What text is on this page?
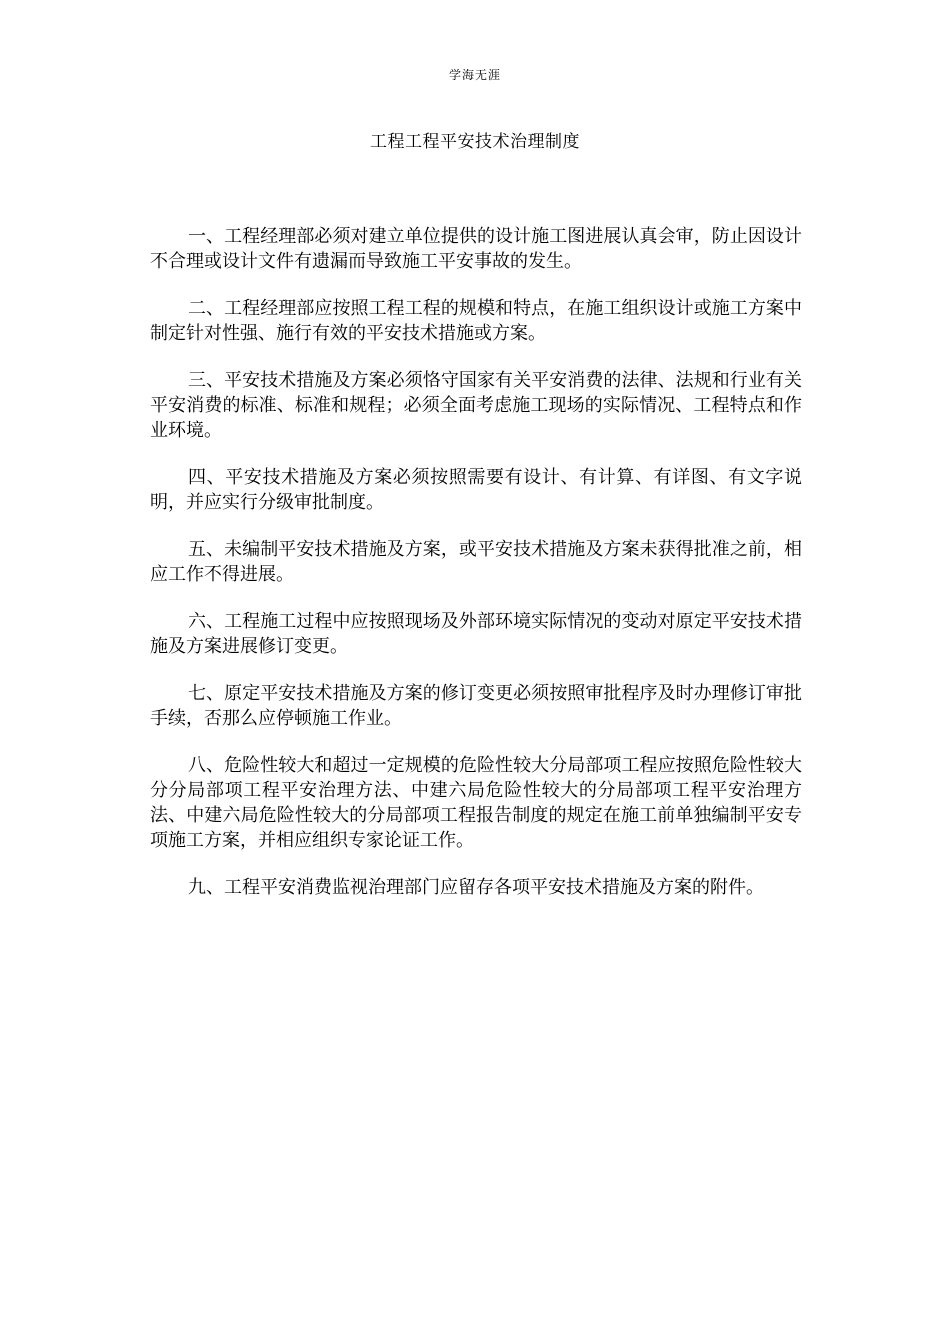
学海无涯
工程工程平安技术治理制度

一、工程经理部必须对建立单位提供的设计施工图进展认真会审，防止因设计不合理或设计文件有遗漏而导致施工平安事故的发生。

二、工程经理部应按照工程工程的规模和特点，在施工组织设计或施工方案中制定针对性强、施行有效的平安技术措施或方案。

三、平安技术措施及方案必须恪守国家有关平安消费的法律、法规和行业有关平安消费的标准、标准和规程；必须全面考虑施工现场的实际情况、工程特点和作业环境。

四、平安技术措施及方案必须按照需要有设计、有计算、有详图、有文字说明，并应实行分级审批制度。

五、未编制平安技术措施及方案，或平安技术措施及方案未获得批准之前，相应工作不得进展。

六、工程施工过程中应按照现场及外部环境实际情况的变动对原定平安技术措施及方案进展修订变更。

七、原定平安技术措施及方案的修订变更必须按照审批程序及时办理修订审批手续，否那么应停顿施工作业。

八、危险性较大和超过一定规模的危险性较大分局部项工程应按照危险性较大分分局部项工程平安治理方法、中建六局危险性较大的分局部项工程平安治理方法、中建六局危险性较大的分局部项工程报告制度的规定在施工前单独编制平安专项施工方案，并相应组织专家论证工作。

九、工程平安消费监视治理部门应留存各项平安技术措施及方案的附件。
